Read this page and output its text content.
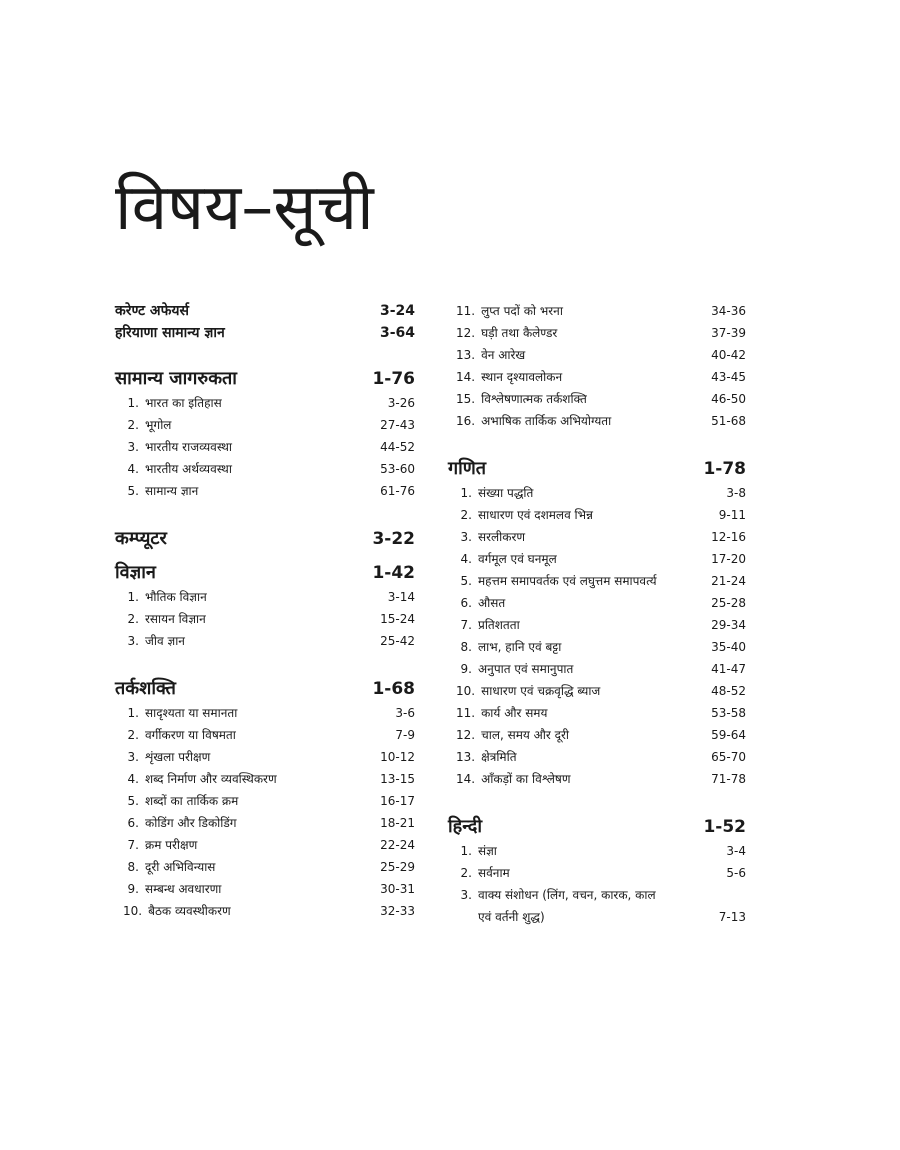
विषय–सूची
करेण्ट अफेयर्स	3-24
हरियाणा सामान्य ज्ञान	3-64
सामान्य जागरुकता	1-76
1. भारत का इतिहास	3-26
2. भूगोल	27-43
3. भारतीय राजव्यवस्था	44-52
4. भारतीय अर्थव्यवस्था	53-60
5. सामान्य ज्ञान	61-76
कम्प्यूटर	3-22
विज्ञान	1-42
1. भौतिक विज्ञान	3-14
2. रसायन विज्ञान	15-24
3. जीव ज्ञान	25-42
तर्कशक्ति	1-68
1. सादृश्यता या समानता	3-6
2. वर्गीकरण या विषमता	7-9
3. शृंखला परीक्षण	10-12
4. शब्द निर्माण और व्यवस्थिकरण	13-15
5. शब्दों का तार्किक क्रम	16-17
6. कोडिंग और डिकोडिंग	18-21
7. क्रम परीक्षण	22-24
8. दूरी अभिविन्यास	25-29
9. सम्बन्ध अवधारणा	30-31
10. बैठक व्यवस्थीकरण	32-33
11. लुप्त पदों को भरना	34-36
12. घड़ी तथा कैलेण्डर	37-39
13. वेन आरेख	40-42
14. स्थान दृश्यावलोकन	43-45
15. विश्लेषणात्मक तर्कशक्ति	46-50
16. अभाषिक तार्किक अभियोग्यता	51-68
गणित	1-78
1. संख्या पद्धति	3-8
2. साधारण एवं दशमलव भिन्न	9-11
3. सरलीकरण	12-16
4. वर्गमूल एवं घनमूल	17-20
5. महत्तम समापवर्तक एवं लघुत्तम समापवर्त्य	21-24
6. औसत	25-28
7. प्रतिशतता	29-34
8. लाभ, हानि एवं बट्टा	35-40
9. अनुपात एवं समानुपात	41-47
10. साधारण एवं चक्रवृद्धि ब्याज	48-52
11. कार्य और समय	53-58
12. चाल, समय और दूरी	59-64
13. क्षेत्रमिति	65-70
14. आँकड़ों का विश्लेषण	71-78
हिन्दी	1-52
1. संज्ञा	3-4
2. सर्वनाम	5-6
3. वाक्य संशोधन (लिंग, वचन, कारक, काल
एवं वर्तनी शुद्ध)	7-13
